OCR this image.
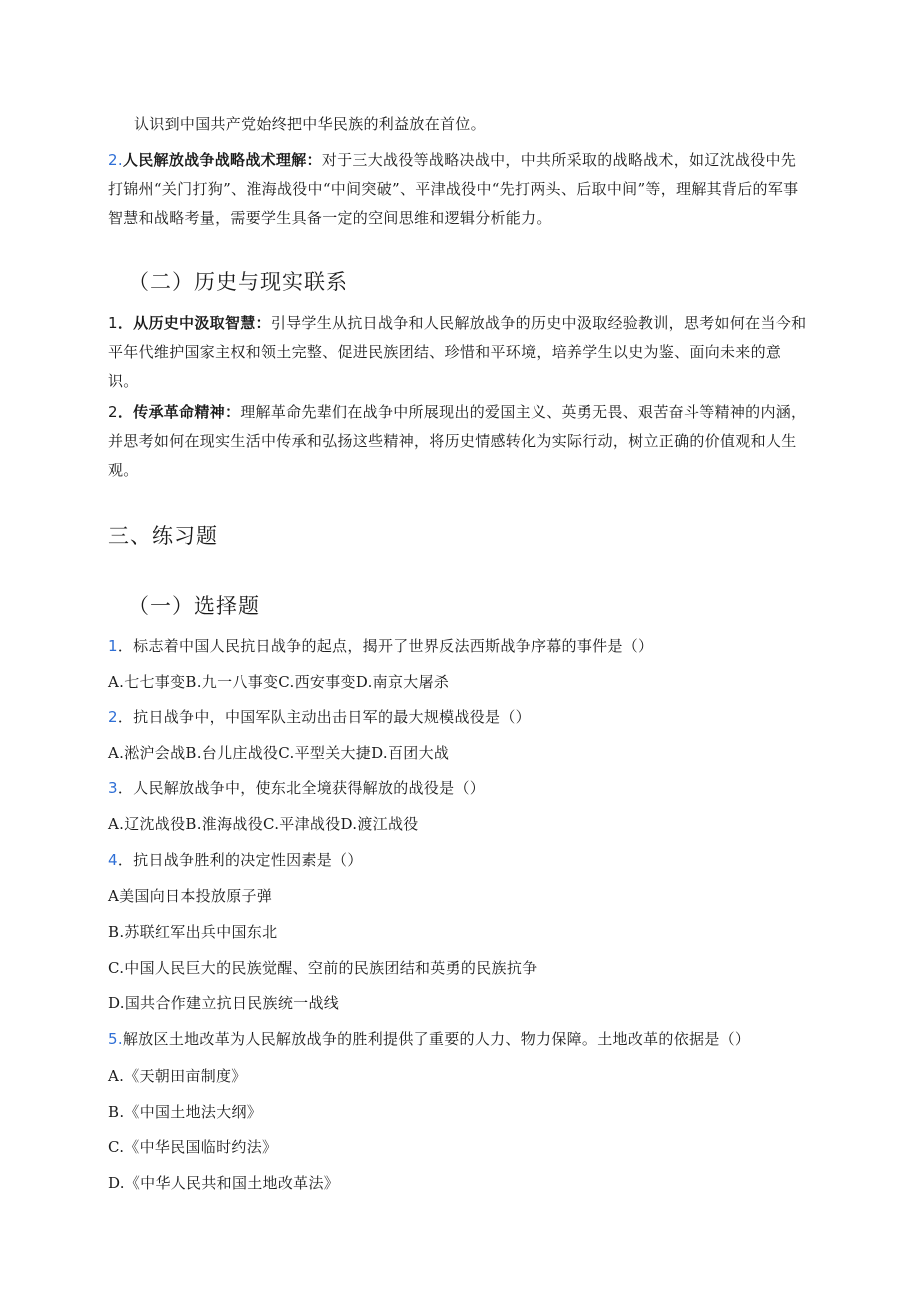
认识到中国共产党始终把中华民族的利益放在首位。
2.人民解放战争战略战术理解：对于三大战役等战略决战中，中共所采取的战略战术，如辽沈战役中先打锦州“关门打狗”、淮海战役中“中间突破”、平津战役中“先打两头、后取中间”等，理解其背后的军事智慧和战略考量，需要学生具备一定的空间思维和逻辑分析能力。
（二）历史与现实联系
1．从历史中汲取智慧：引导学生从抗日战争和人民解放战争的历史中汲取经验教训，思考如何在当今和平年代维护国家主权和领土完整、促进民族团结、珍惜和平环境，培养学生以史为鉴、面向未来的意识。
2．传承革命精神：理解革命先辈们在战争中所展现出的爱国主义、英勇无畏、艰苦奋斗等精神的内涵，并思考如何在现实生活中传承和弘扬这些精神，将历史情感转化为实际行动，树立正确的价值观和人生观。
三、练习题
（一）选择题
1．标志着中国人民抗日战争的起点，揭开了世界反法西斯战争序幕的事件是（）
A.七七事变B.九一八事变C.西安事变D.南京大屠杀
2．抗日战争中，中国军队主动出击日军的最大规模战役是（）
A.淞沪会战B.台儿庄战役C.平型关大捷D.百团大战
3．人民解放战争中，使东北全境获得解放的战役是（）
A.辽沈战役B.淮海战役C.平津战役D.渡江战役
4．抗日战争胜利的决定性因素是（）
A美国向日本投放原子弹
B.苏联红军出兵中国东北
C.中国人民巨大的民族觉醒、空前的民族团结和英勇的民族抗争
D.国共合作建立抗日民族统一战线
5.解放区土地改革为人民解放战争的胜利提供了重要的人力、物力保障。土地改革的依据是（）
A.《天朝田亩制度》
B.《中国土地法大纲》
C.《中华民国临时约法》
D.《中华人民共和国土地改革法》
